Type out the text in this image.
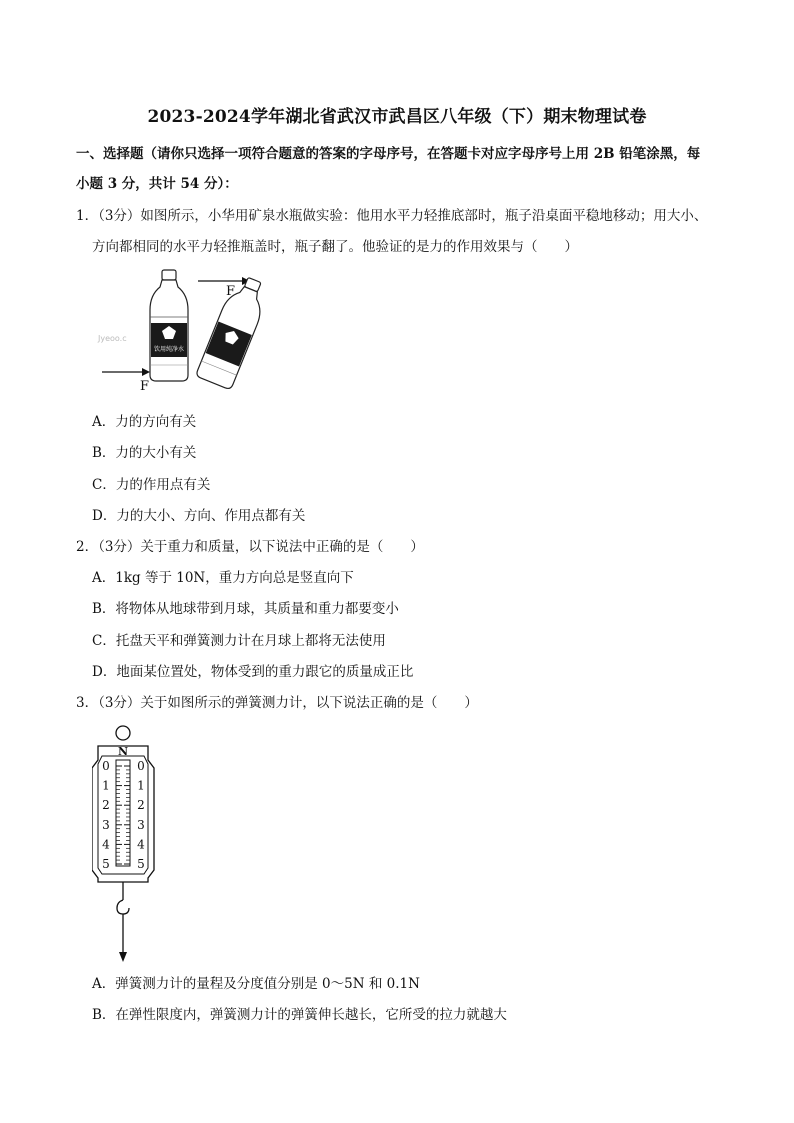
2023-2024学年湖北省武汉市武昌区八年级（下）期末物理试卷
一、选择题（请你只选择一项符合题意的答案的字母序号，在答题卡对应字母序号上用 2B 铅笔涂黑，每
小题 3 分，共计 54 分）：
1．（3分）如图所示，小华用矿泉水瓶做实验：他用水平力轻推底部时，瓶子沿桌面平稳地移动；用大小、
方向都相同的水平力轻推瓶盖时，瓶子翻了。他验证的是力的作用效果与（　　）
饮用纯净水
Jyeoo.c
F
F
A．力的方向有关
B．力的大小有关
C．力的作用点有关
D．力的大小、方向、作用点都有关
2．（3分）关于重力和质量，以下说法中正确的是（　　）
A．1kg 等于 10N，重力方向总是竖直向下
B．将物体从地球带到月球，其质量和重力都要变小
C．托盘天平和弹簧测力计在月球上都将无法使用
D．地面某位置处，物体受到的重力跟它的质量成正比
3．（3分）关于如图所示的弹簧测力计，以下说法正确的是（　　）
N
0 0
1 1
2 2
3 3
4 4
5 5
A．弹簧测力计的量程及分度值分别是 0～5N 和 0.1N
B．在弹性限度内，弹簧测力计的弹簧伸长越长，它所受的拉力就越大
